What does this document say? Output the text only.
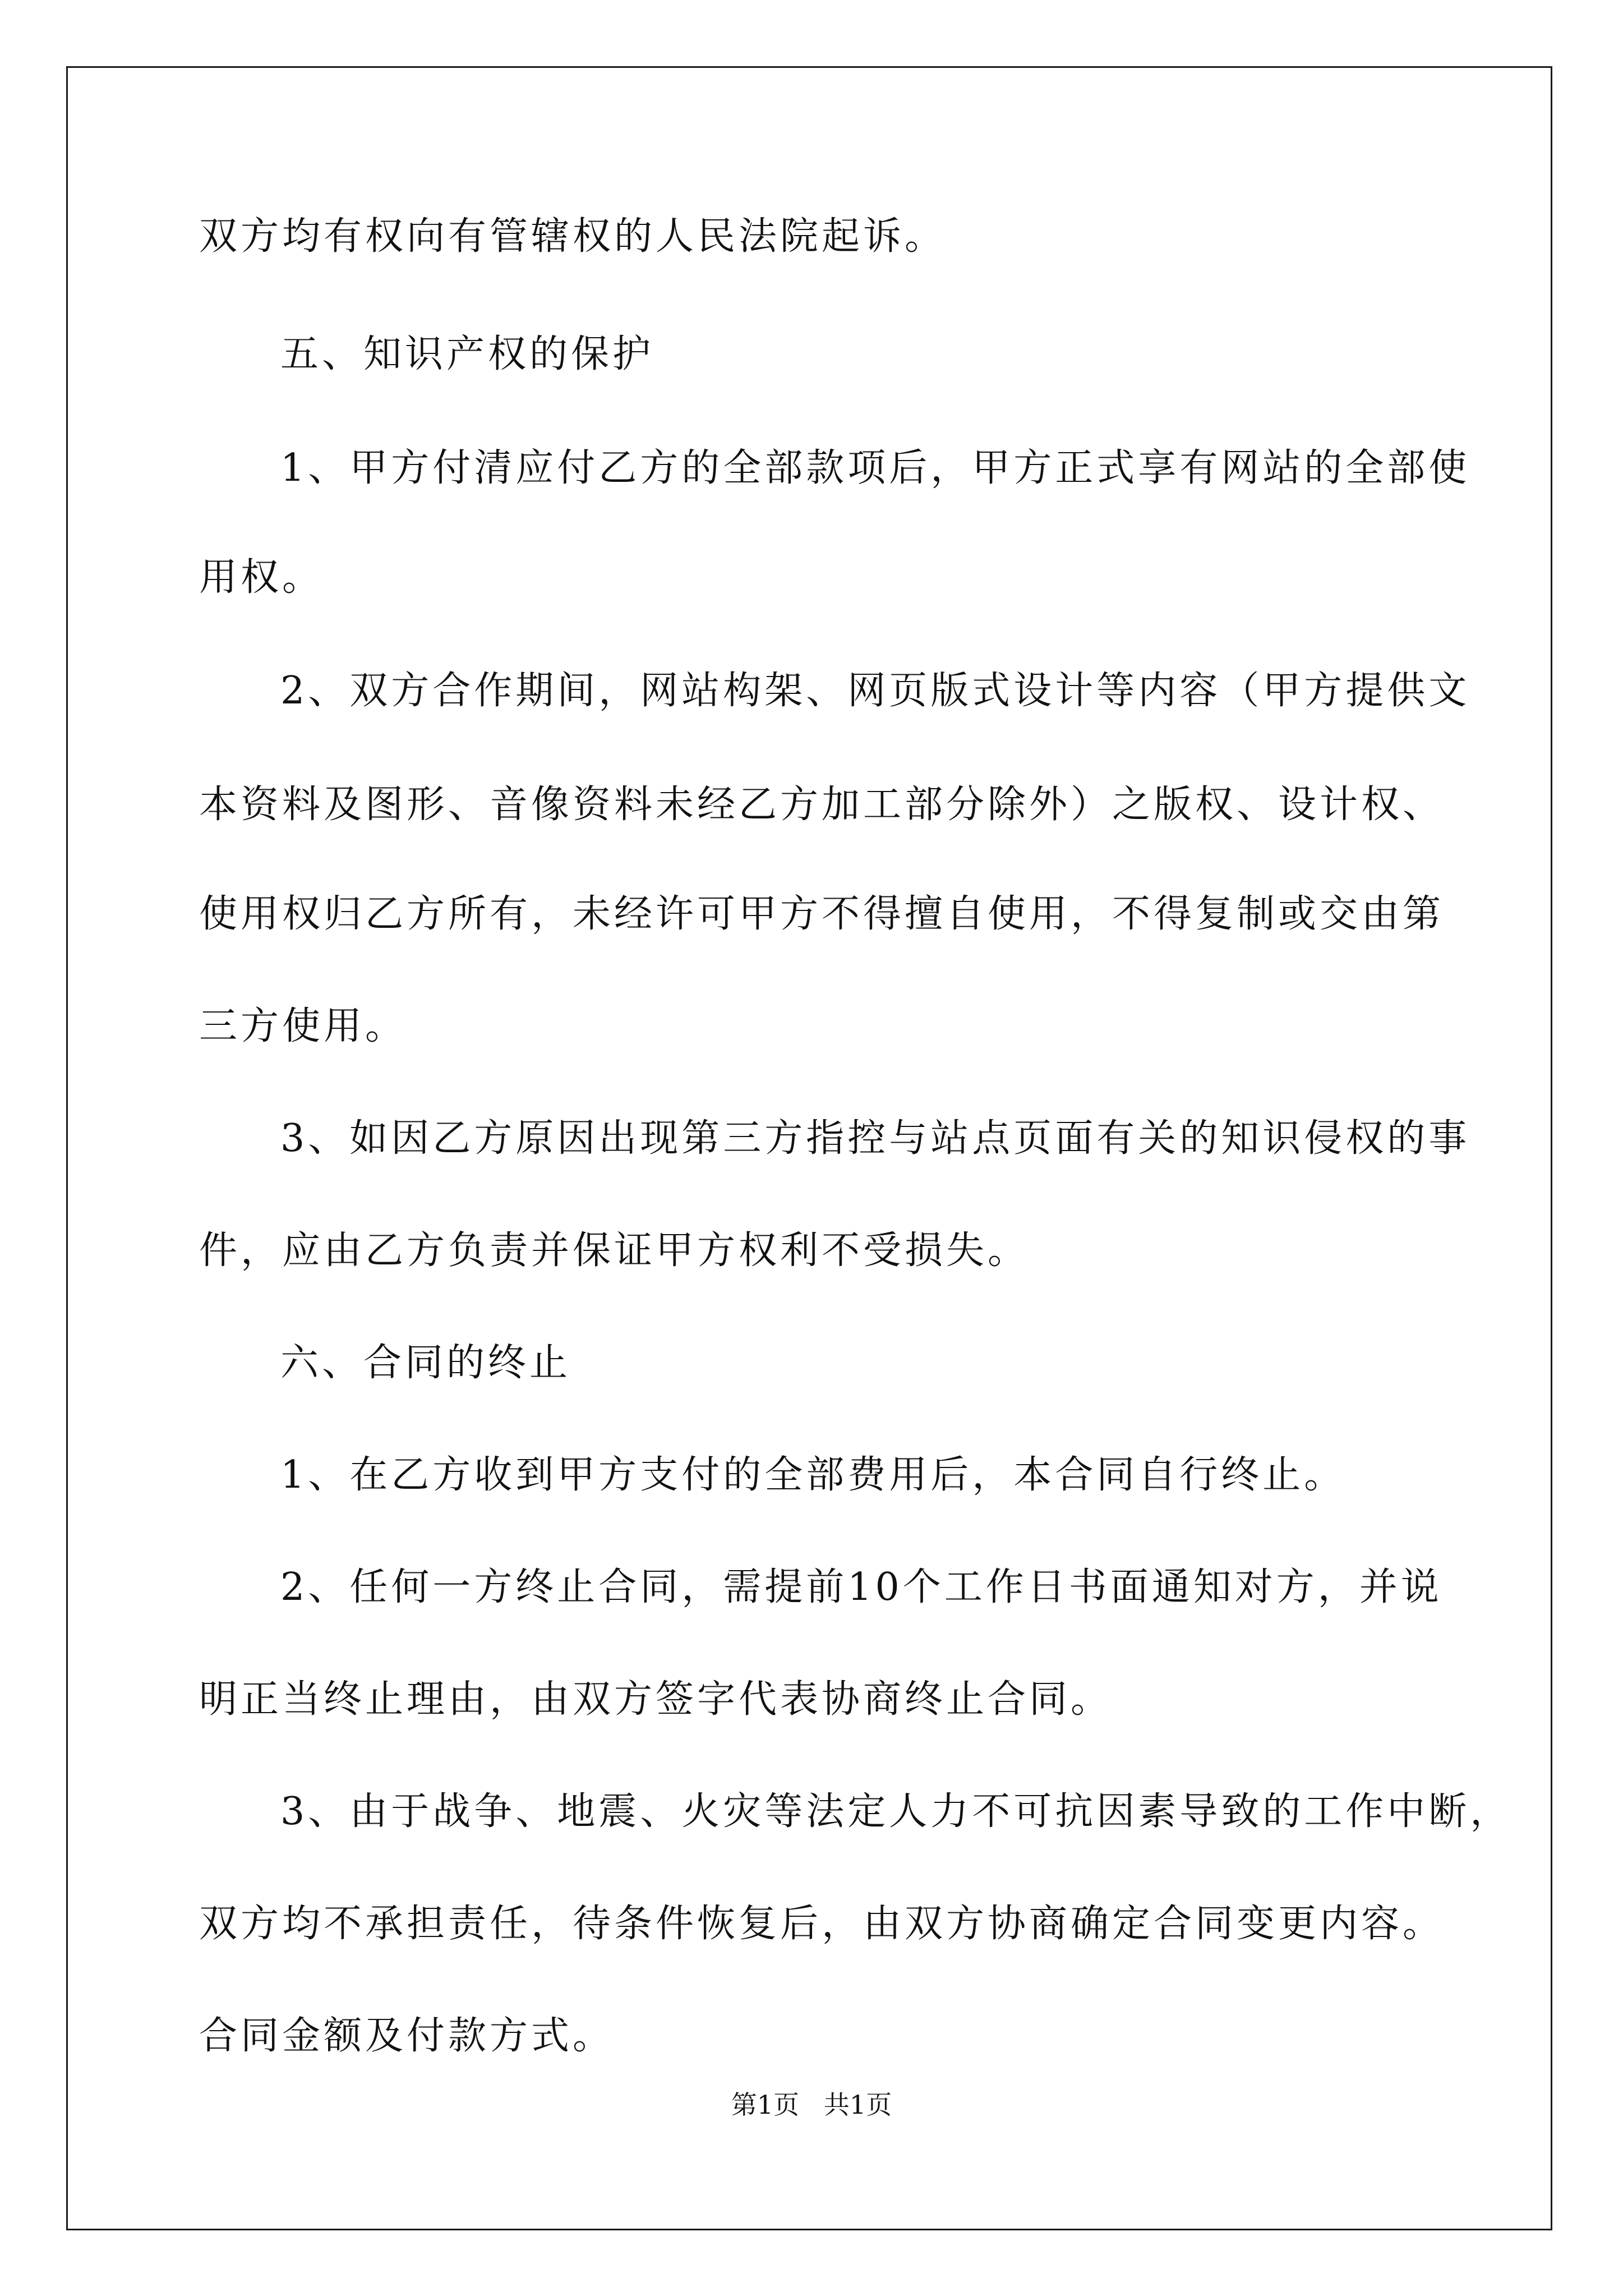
双方均有权向有管辖权的人民法院起诉。

五、知识产权的保护

1、甲方付清应付乙方的全部款项后，甲方正式享有网站的全部使

用权。

2、双方合作期间，网站构架、网页版式设计等内容（甲方提供文

本资料及图形、音像资料未经乙方加工部分除外）之版权、设计权、

使用权归乙方所有，未经许可甲方不得擅自使用，不得复制或交由第

三方使用。

3、如因乙方原因出现第三方指控与站点页面有关的知识侵权的事

件，应由乙方负责并保证甲方权利不受损失。

六、合同的终止

1、在乙方收到甲方支付的全部费用后，本合同自行终止。

2、任何一方终止合同，需提前10个工作日书面通知对方，并说

明正当终止理由，由双方签字代表协商终止合同。

3、由于战争、地震、火灾等法定人力不可抗因素导致的工作中断，

双方均不承担责任，待条件恢复后，由双方协商确定合同变更内容。

合同金额及付款方式。

第1页   共1页
